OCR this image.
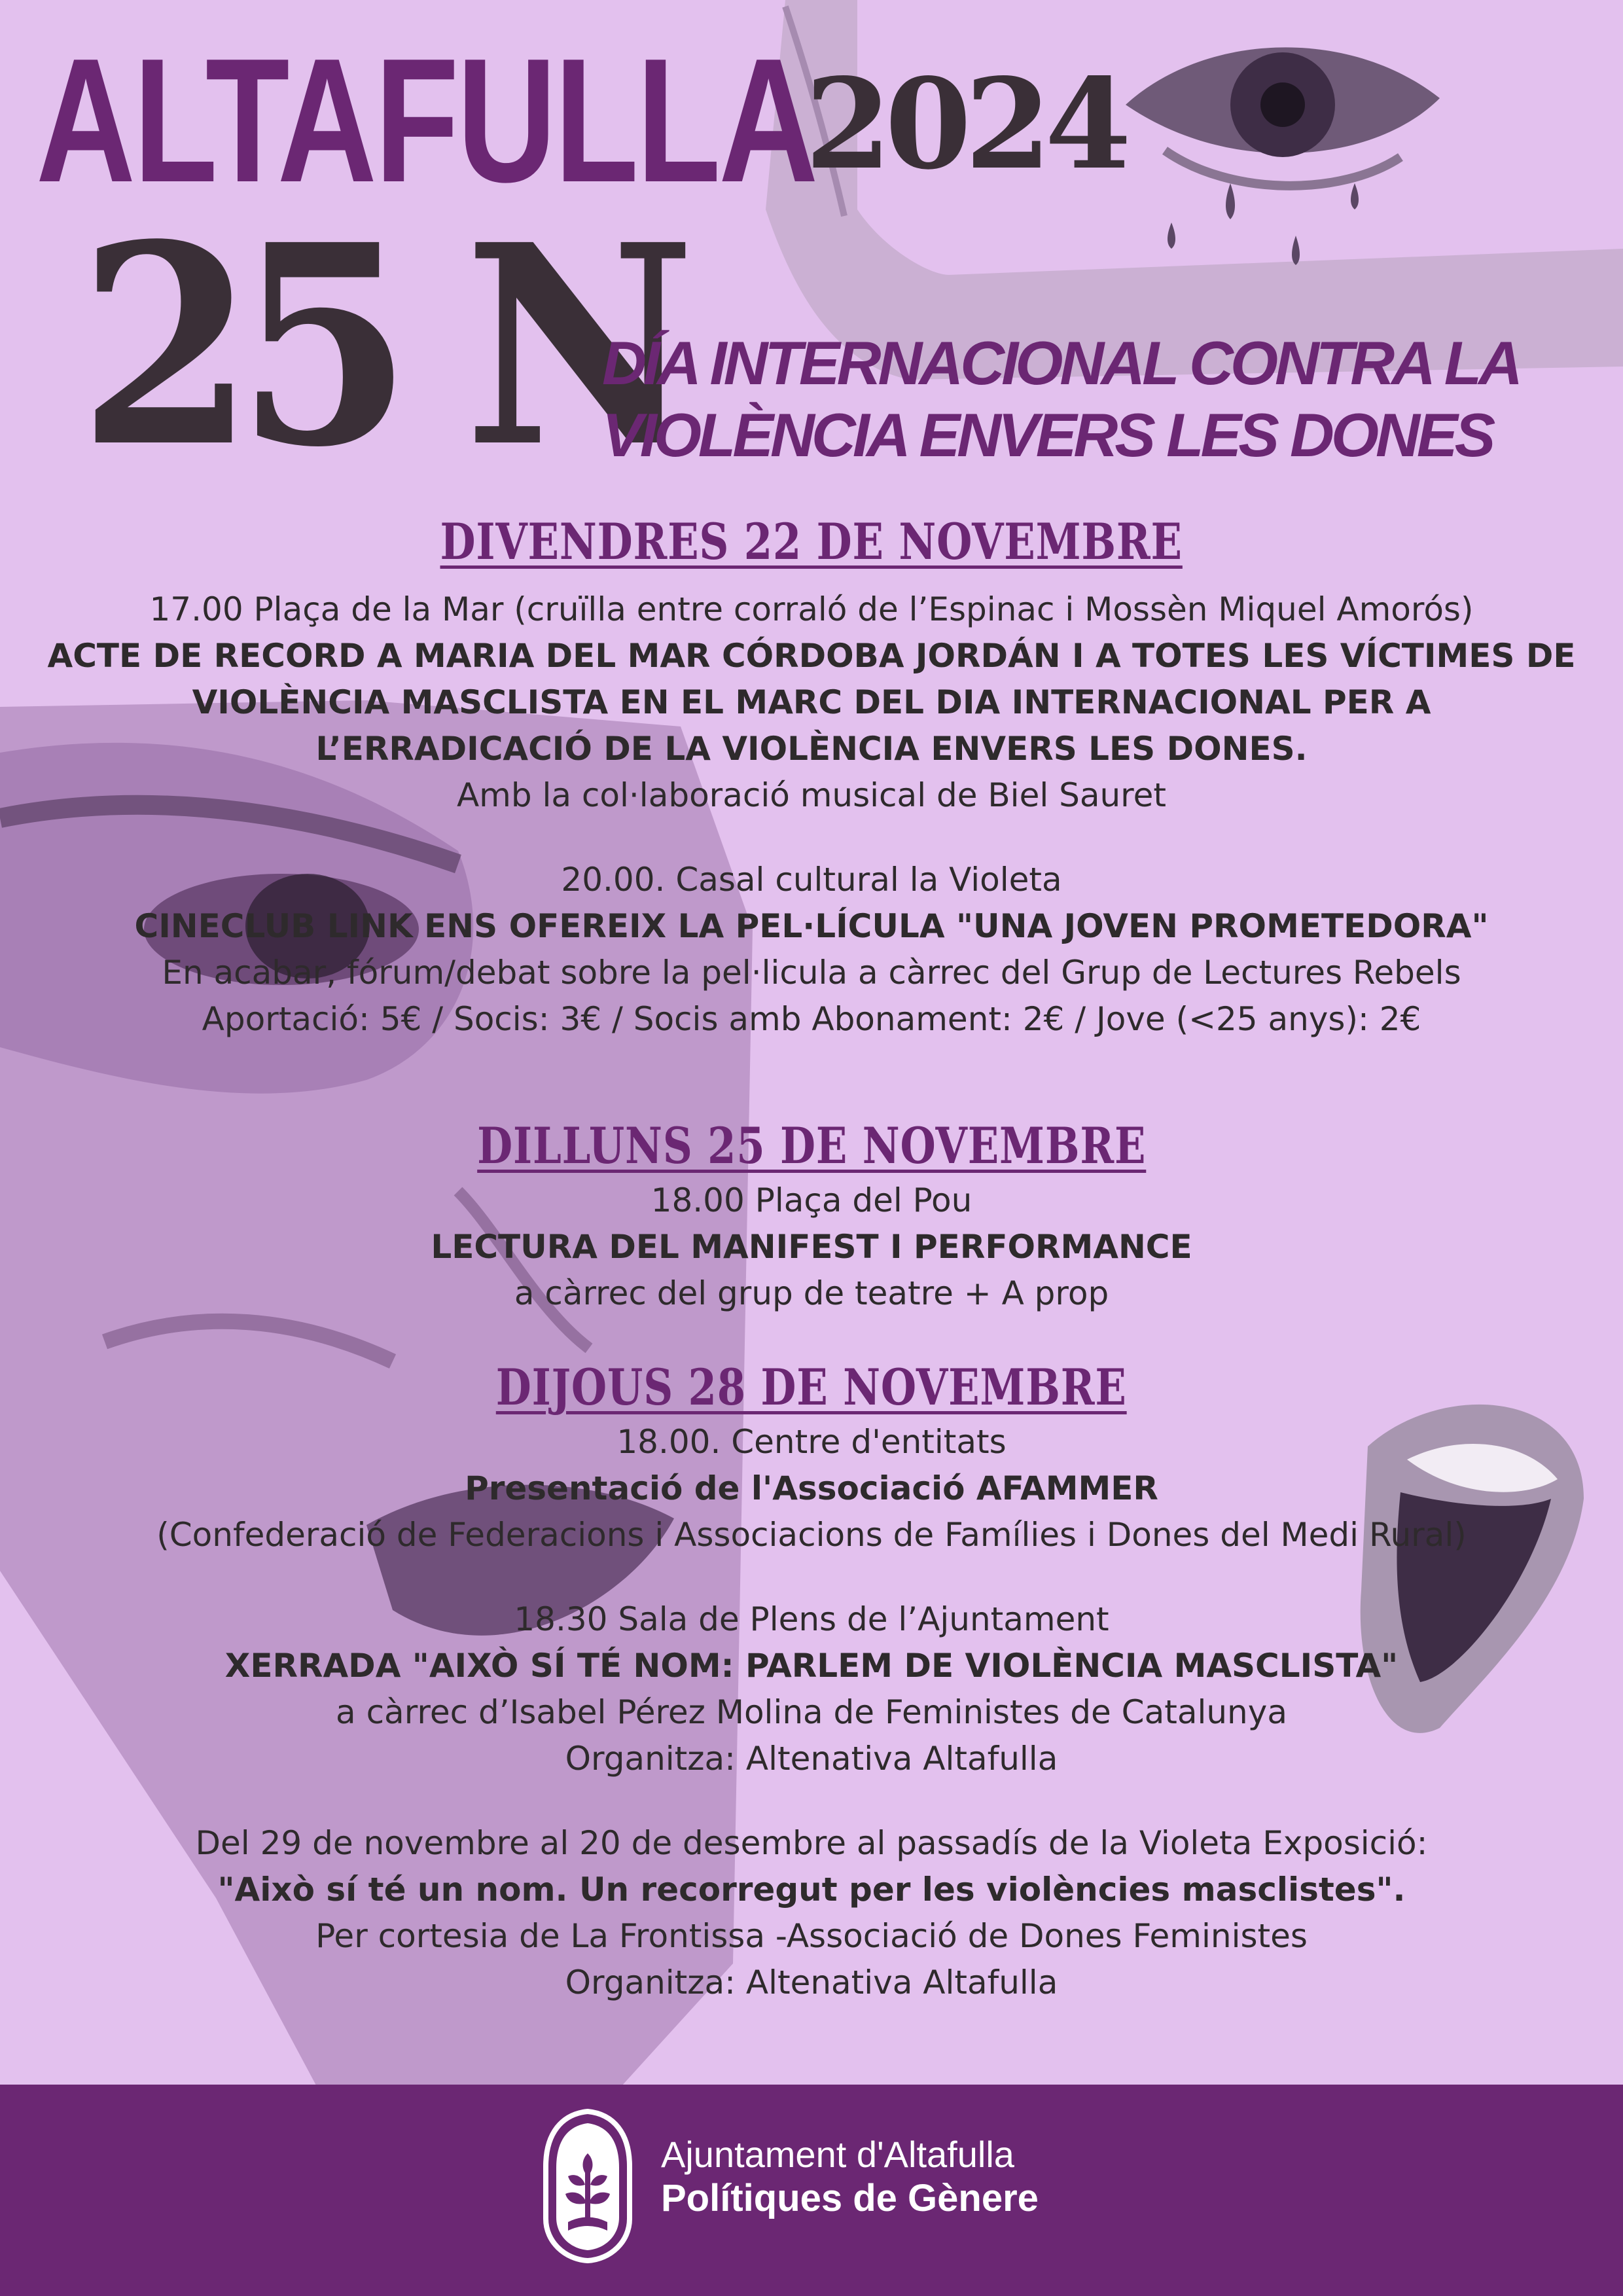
ALTAFULLA
2024
25 N
DÍA INTERNACIONAL CONTRA LA
VIOLÈNCIA ENVERS LES DONES
DIVENDRES 22 DE NOVEMBRE
17.00 Plaça de la Mar (cruïlla entre corraló de l’Espinac i Mossèn Miquel Amorós)
ACTE DE RECORD A MARIA DEL MAR CÓRDOBA JORDÁN I A TOTES LES VÍCTIMES DE
VIOLÈNCIA MASCLISTA EN EL MARC DEL DIA INTERNACIONAL PER A
L’ERRADICACIÓ DE LA VIOLÈNCIA ENVERS LES DONES.
Amb la col·laboració musical de Biel Sauret
20.00. Casal cultural la Violeta
CINECLUB LINK ENS OFEREIX LA PEL·LÍCULA "UNA JOVEN PROMETEDORA"
En acabar, fórum/debat sobre la pel·licula a càrrec del Grup de Lectures Rebels
Aportació: 5€ / Socis: 3€ / Socis amb Abonament: 2€ / Jove (<25 anys): 2€
DILLUNS 25 DE NOVEMBRE
18.00 Plaça del Pou
LECTURA DEL MANIFEST I PERFORMANCE
a càrrec del grup de teatre + A prop
DIJOUS 28 DE NOVEMBRE
18.00. Centre d'entitats
Presentació de l'Associació AFAMMER
(Confederació de Federacions i Associacions de Famílies i Dones del Medi Rural)
18.30 Sala de Plens de l’Ajuntament
XERRADA "AIXÒ SÍ TÉ NOM: PARLEM DE VIOLÈNCIA MASCLISTA"
a càrrec d’Isabel Pérez Molina de Feministes de Catalunya
Organitza: Altenativa Altafulla
Del 29 de novembre al 20 de desembre al passadís de la Violeta Exposició:
"Això sí té un nom. Un recorregut per les violències masclistes".
Per cortesia de La Frontissa -Associació de Dones Feministes
Organitza: Altenativa Altafulla
Ajuntament d'Altafulla
Polítiques de Gènere
